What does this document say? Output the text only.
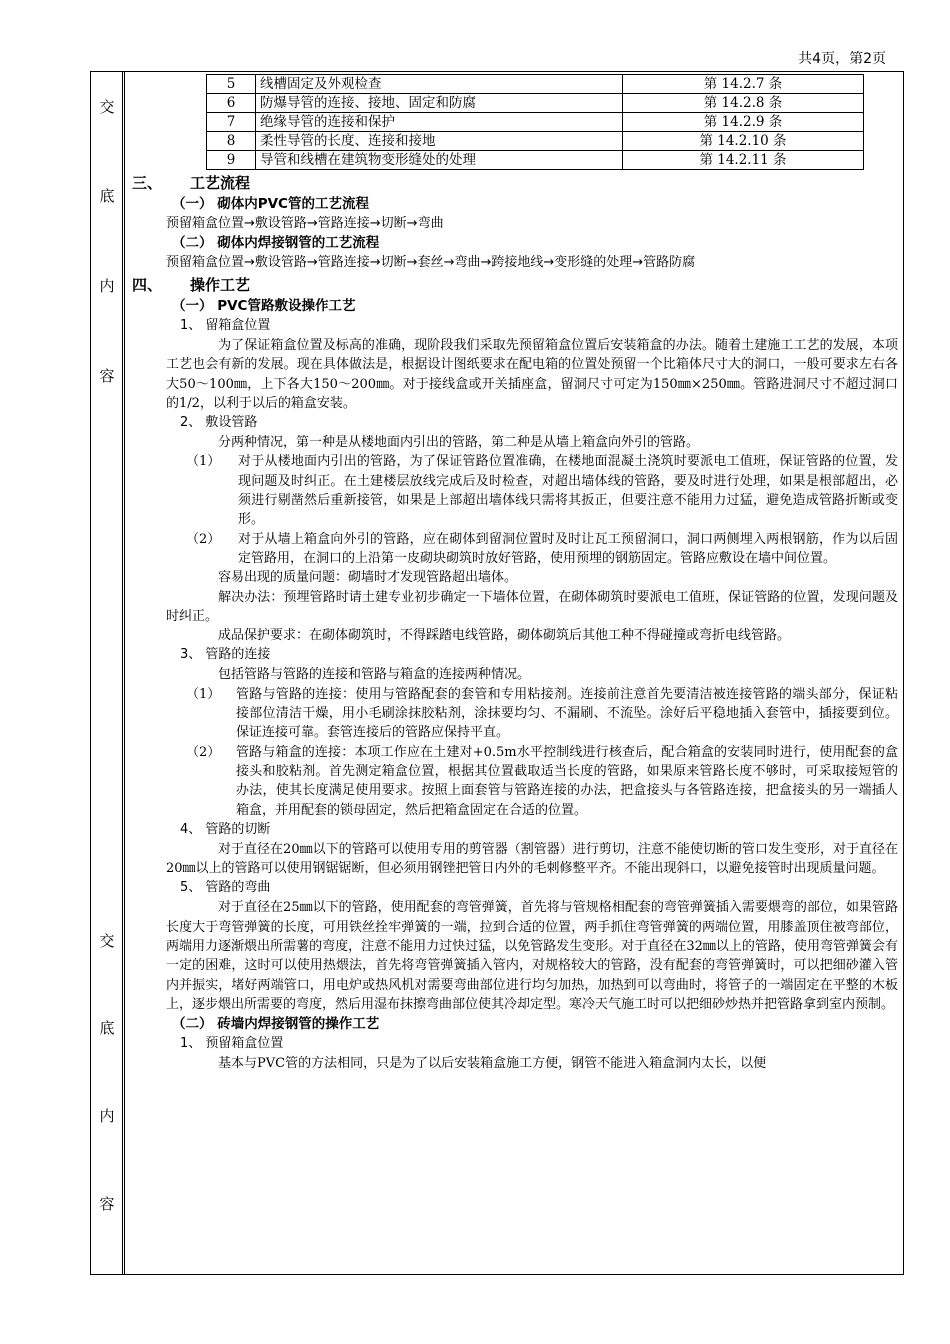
共4页，第2页
交
底
内
容
交
底
内
容
5	线槽固定及外观检查	第 14.2.7 条
6	防爆导管的连接、接地、固定和防腐	第 14.2.8 条
7	绝缘导管的连接和保护	第 14.2.9 条
8	柔性导管的长度、连接和接地	第 14.2.10 条
9	导管和线槽在建筑物变形缝处的处理	第 14.2.11 条
三、 工艺流程
（一） 砌体内PVC管的工艺流程
预留箱盒位置→敷设管路→管路连接→切断→弯曲
（二） 砌体内焊接钢管的工艺流程
预留箱盒位置→敷设管路→管路连接→切断→套丝→弯曲→跨接地线→变形缝的处理→管路防腐
四、 操作工艺
（一） PVC管路敷设操作工艺
1、 留箱盒位置
为了保证箱盒位置及标高的准确，现阶段我们采取先预留箱盒位置后安装箱盒的办法。随着土建施工工艺的发展，本项工艺也会有新的发展。现在具体做法是，根据设计图纸要求在配电箱的位置处预留一个比箱体尺寸大的洞口，一般可要求左右各大50～100㎜，上下各大150～200㎜。对于接线盒或开关插座盒，留洞尺寸可定为150㎜×250㎜。管路进洞尺寸不超过洞口的1/2，以利于以后的箱盒安装。
2、 敷设管路
分两种情况，第一种是从楼地面内引出的管路，第二种是从墙上箱盒向外引的管路。
（1） 对于从楼地面内引出的管路，为了保证管路位置准确，在楼地面混凝土浇筑时要派电工值班，保证管路的位置，发现问题及时纠正。在土建楼层放线完成后及时检查，对超出墙体线的管路，要及时进行处理，如果是根部超出，必须进行剔凿然后重新接管，如果是上部超出墙体线只需将其扳正，但要注意不能用力过猛，避免造成管路折断或变形。
（2） 对于从墙上箱盒向外引的管路，应在砌体到留洞位置时及时让瓦工预留洞口，洞口两侧埋入两根钢筋，作为以后固定管路用，在洞口的上沿第一皮砌块砌筑时放好管路，使用预埋的钢筋固定。管路应敷设在墙中间位置。
容易出现的质量问题：砌墙时才发现管路超出墙体。
解决办法：预埋管路时请土建专业初步确定一下墙体位置，在砌体砌筑时要派电工值班，保证管路的位置，发现问题及时纠正。
成品保护要求：在砌体砌筑时，不得踩踏电线管路，砌体砌筑后其他工种不得碰撞或弯折电线管路。
3、 管路的连接
包括管路与管路的连接和管路与箱盒的连接两种情况。
（1） 管路与管路的连接：使用与管路配套的套管和专用粘接剂。连接前注意首先要清洁被连接管路的端头部分，保证粘接部位清洁干燥，用小毛刷涂抹胶粘剂，涂抹要均匀、不漏刷、不流坠。涂好后平稳地插入套管中，插接要到位。保证连接可靠。套管连接后的管路应保持平直。
（2） 管路与箱盒的连接：本项工作应在土建对+0.5m水平控制线进行核查后，配合箱盒的安装同时进行，使用配套的盒接头和胶粘剂。首先测定箱盒位置，根据其位置截取适当长度的管路，如果原来管路长度不够时，可采取接短管的办法，使其长度满足使用要求。按照上面套管与管路连接的办法，把盒接头与各管路连接，把盒接头的另一端插人箱盒，并用配套的锁母固定，然后把箱盒固定在合适的位置。
4、 管路的切断
对于直径在20㎜以下的管路可以使用专用的剪管器（割管器）进行剪切，注意不能使切断的管口发生变形，对于直径在20㎜以上的管路可以使用钢锯锯断，但必须用钢锉把管日内外的毛刺修整平齐。不能出现斜口，以避免接管时出现质量问题。
5、 管路的弯曲
对于直径在25㎜以下的管路，使用配套的弯管弹簧，首先将与管规格相配套的弯管弹簧插入需要煨弯的部位，如果管路长度大于弯管弹簧的长度，可用铁丝拴牢弹簧的一端，拉到合适的位置，两手抓住弯管弹簧的两端位置，用膝盖顶住被弯部位，两端用力逐渐煨出所需薯的弯度，注意不能用力过快过猛，以免管路发生变形。对于直径在32㎜以上的管路，使用弯管弹簧会有一定的困难，这时可以使用热煨法，首先将弯管弹簧插入管内，对规格较大的管路，没有配套的弯管弹簧时，可以把细砂灌入管内并振实，堵好两端管口，用电炉或热风机对需要弯曲部位进行均匀加热，加热到可以弯曲时，将管子的一端固定在平整的木板上，逐步煨出所需要的弯度，然后用湿布抹擦弯曲部位使其冷却定型。寒冷天气施工时可以把细砂炒热并把管路拿到室内预制。
（二） 砖墙内焊接钢管的操作工艺
1、 预留箱盒位置
基本与PVC管的方法相同，只是为了以后安装箱盒施工方便，钢管不能进入箱盒洞内太长，以便
